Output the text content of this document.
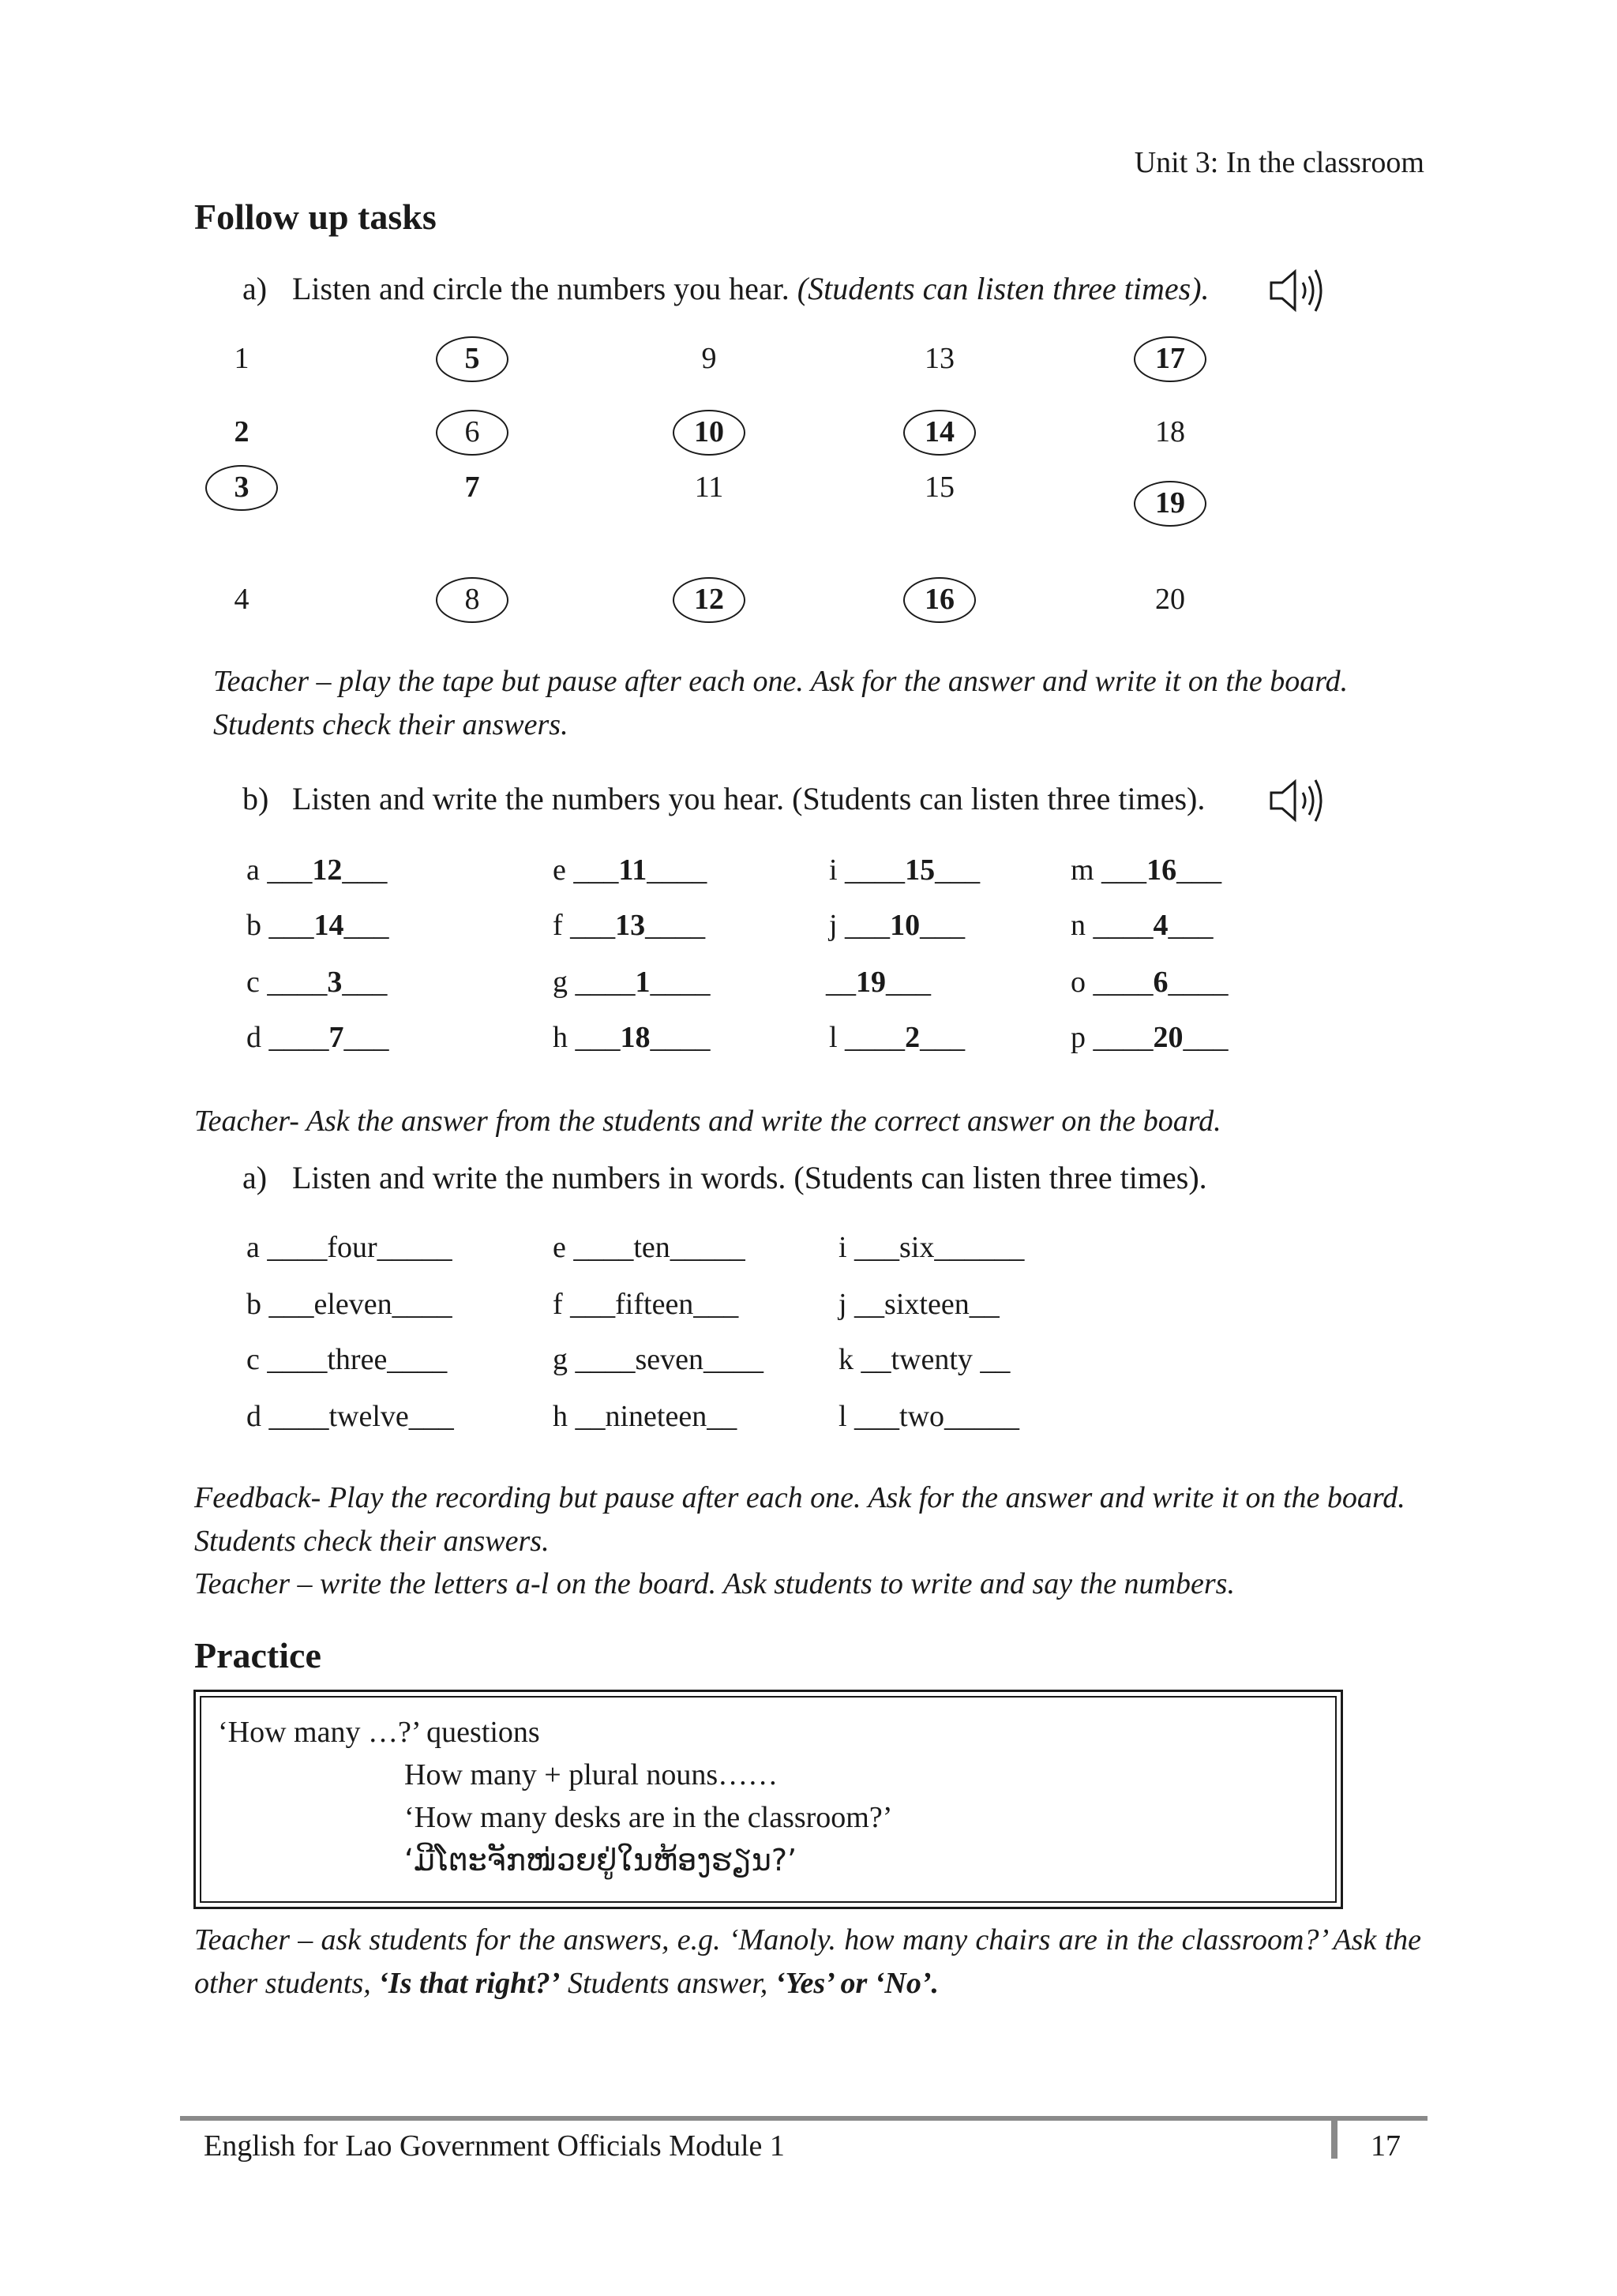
Unit 3: In the classroom
Follow up tasks
a) Listen and circle the numbers you hear. (Students can listen three times).
1
2
3
4
5
6
7
8
9
10
11
12
13
14
15
16
17
18
19
20
Teacher – play the tape but pause after each one. Ask for the answer and write it on the board. Students check their answers.
b) Listen and write the numbers you hear. (Students can listen three times).
a ___12___
b ___14___
c ____3___
d ____7___
e ___11____
f ___13____
g ____1____
h ___18____
i ____15___
j ___10___
__19___
l ____2___
m ___16___
n ____4___
o ____6____
p ____20___
Teacher- Ask the answer from the students and write the correct answer on the board.
a) Listen and write the numbers in words. (Students can listen three times).
a ____four_____
b ___eleven____
c ____three____
d ____twelve___
e ____ten_____
f ___fifteen___
g ____seven____
h __nineteen__
i ___six______
j __sixteen__
k __twenty __
l ___two_____
Feedback- Play the recording but pause after each one. Ask for the answer and write it on the board. Students check their answers.
Teacher – write the letters a-l on the board. Ask students to write and say the numbers.
Practice
‘How many …?’ questions
How many + plural nouns……
‘How many desks are in the classroom?’
‘ມີໂຕະຈັກໜ່ວຍຢູ່ໃນຫ້ອງຮຽນ?’
Teacher – ask students for the answers, e.g. ‘Manoly. how many chairs are in the classroom?’ Ask the other students, ‘Is that right?’ Students answer, ‘Yes’ or ‘No’.
English for Lao Government Officials Module 1	17
